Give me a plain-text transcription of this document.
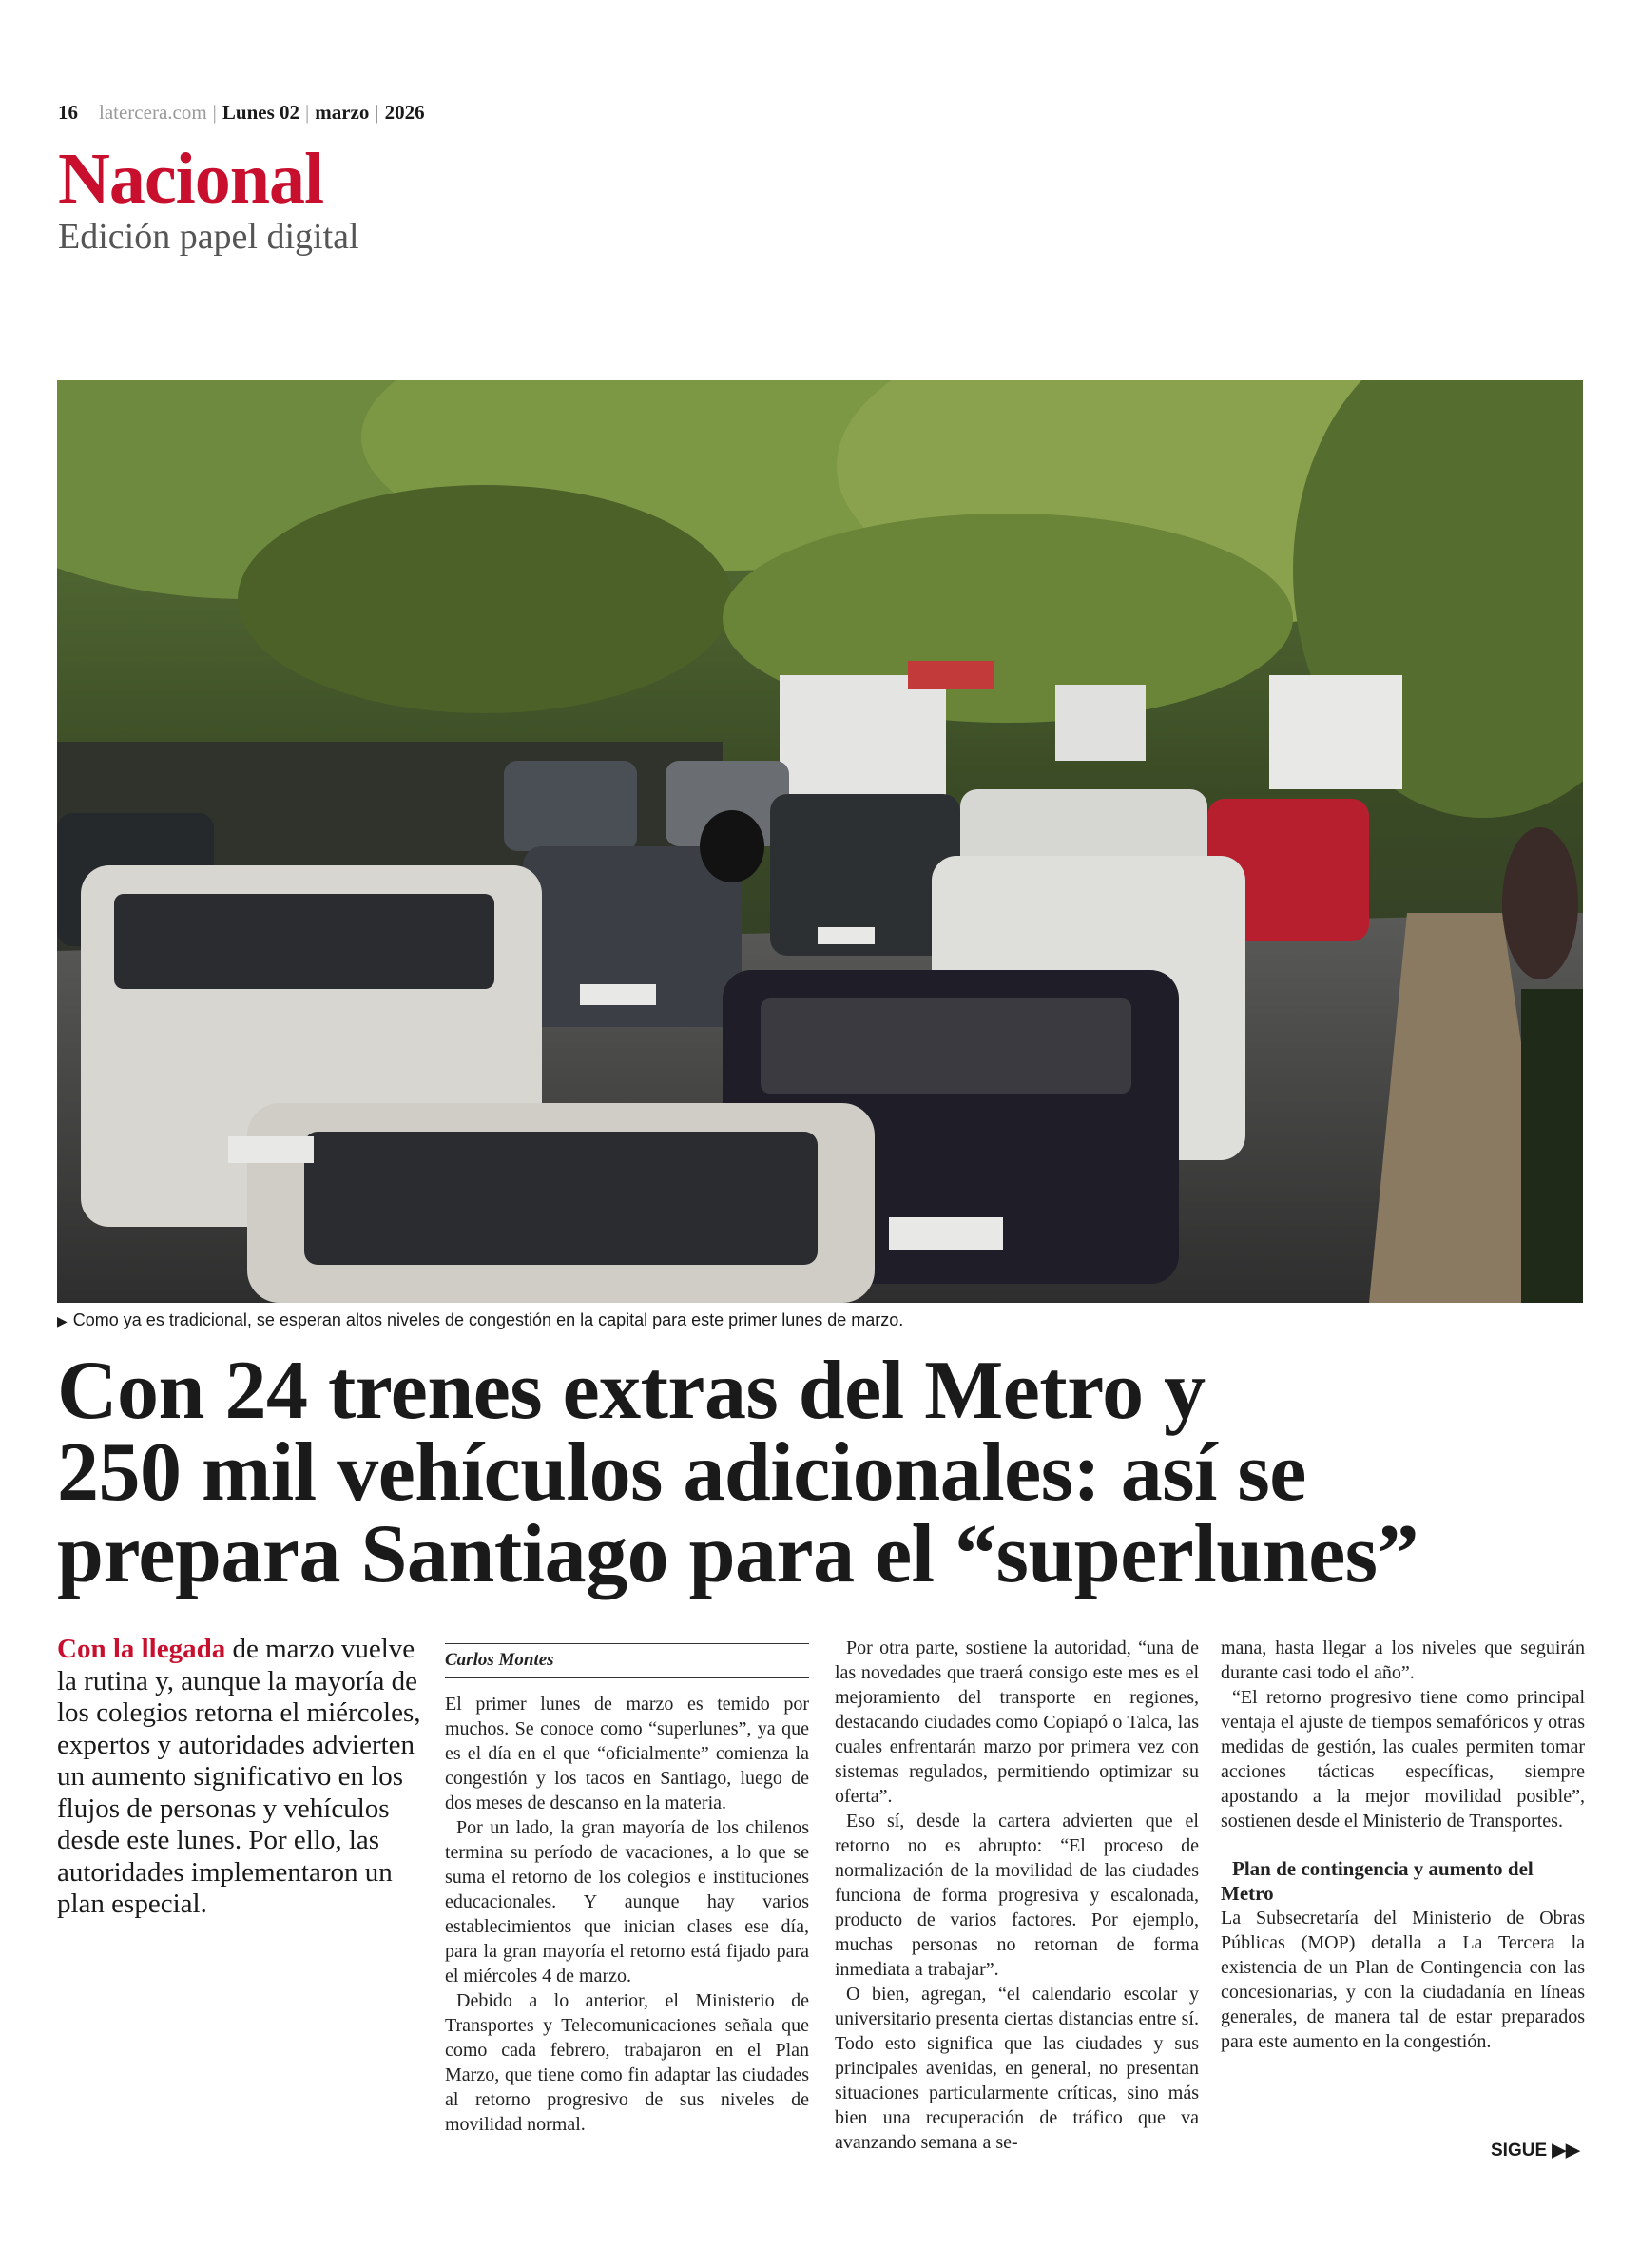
16 latercera.com | Lunes 02 | marzo | 2026
Nacional
Edición papel digital
▶ Como ya es tradicional, se esperan altos niveles de congestión en la capital para este primer lunes de marzo.
Con 24 trenes extras del Metro y
250 mil vehículos adicionales: así se
prepara Santiago para el “superlunes”
Con la llegada de marzo vuelve la rutina y, aunque la mayoría de los colegios retorna el miércoles, expertos y autoridades advierten un aumento significativo en los flujos de personas y vehículos desde este lunes. Por ello, las autoridades implementaron un plan especial.
Carlos Montes

El primer lunes de marzo es temido por muchos. Se conoce como “superlunes”, ya que es el día en el que “oficialmente” comienza la congestión y los tacos en Santiago, luego de dos meses de descanso en la materia.

Por un lado, la gran mayoría de los chilenos termina su período de vacaciones, a lo que se suma el retorno de los colegios e instituciones educacionales. Y aunque hay varios establecimientos que inician clases ese día, para la gran mayoría el retorno está fijado para el miércoles 4 de marzo.

Debido a lo anterior, el Ministerio de Transportes y Telecomunicaciones señala que como cada febrero, trabajaron en el Plan Marzo, que tiene como fin adaptar las ciudades al retorno progresivo de sus niveles de movilidad normal.

Por otra parte, sostiene la autoridad, “una de las novedades que traerá consigo este mes es el mejoramiento del transporte en regiones, destacando ciudades como Copiapó o Talca, las cuales enfrentarán marzo por primera vez con sistemas regulados, permitiendo optimizar su oferta”.

Eso sí, desde la cartera advierten que el retorno no es abrupto: “El proceso de normalización de la movilidad de las ciudades funciona de forma progresiva y escalonada, producto de varios factores. Por ejemplo, muchas personas no retornan de forma inmediata a trabajar”.

O bien, agregan, “el calendario escolar y universitario presenta ciertas distancias entre sí. Todo esto significa que las ciudades y sus principales avenidas, en general, no presentan situaciones particularmente críticas, sino más bien una recuperación de tráfico que va avanzando semana a se-

mana, hasta llegar a los niveles que seguirán durante casi todo el año”.

“El retorno progresivo tiene como principal ventaja el ajuste de tiempos semafóricos y otras medidas de gestión, las cuales permiten tomar acciones tácticas específicas, siempre apostando a la mejor movilidad posible”, sostienen desde el Ministerio de Transportes.

Plan de contingencia y aumento del Metro

La Subsecretaría del Ministerio de Obras Públicas (MOP) detalla a La Tercera la existencia de un Plan de Contingencia con las concesionarias, y con la ciudadanía en líneas generales, de manera tal de estar preparados para este aumento en la congestión.

SIGUE ▶▶
